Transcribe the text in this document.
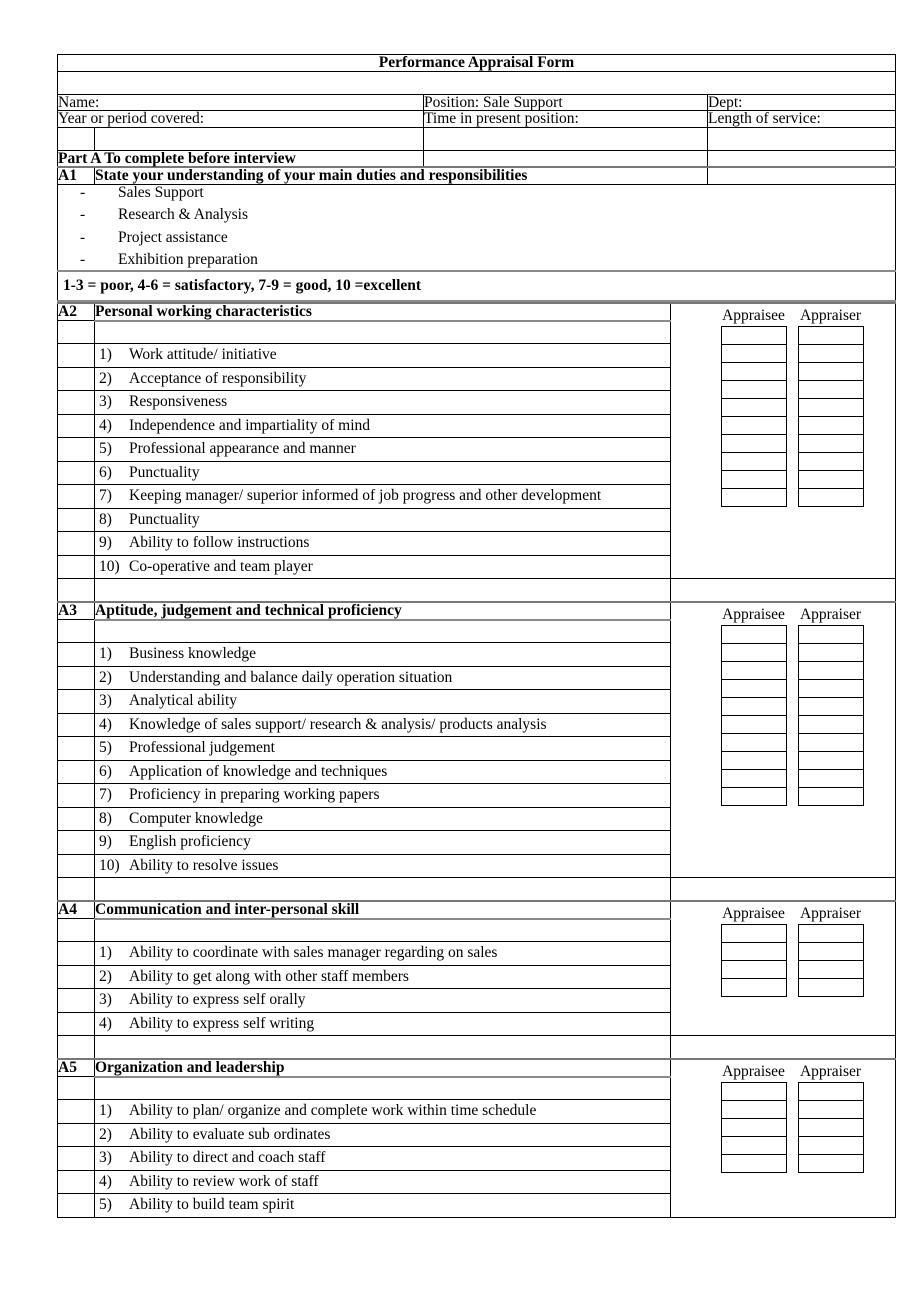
Performance Appraisal Form			

Name:		Position: Sale Support	Dept:
Year or period covered:		Time in present position:	Length of service:

Part A To complete before interview			
A1	State your understanding of your main duties and responsibilities		

-	Sales Support
-	Research & Analysis
-	Project assistance
-	Exhibition preparation

1-3 = poor, 4-6 = satisfactory, 7-9 = good, 10 =excellent			
A2	Personal working characteristics		Appraisee		Appraiser	

	1) Work attitude/ initiative					

	2) Acceptance of responsibility					

	3) Responsiveness					

	4) Independence and impartiality of mind					

	5) Professional appearance and manner					

	6) Punctuality					

	7) Keeping manager/ superior informed of job progress and other development					

	8) Punctuality					

	9) Ability to follow instructions					

	10) Co-operative and team player					

A3	Aptitude, judgement and technical proficiency		Appraisee		Appraiser	

	1) Business knowledge					

	2) Understanding and balance daily operation situation					

	3) Analytical ability					

	4) Knowledge of sales support/ research & analysis/ products analysis					

	5) Professional judgement					

	6) Application of knowledge and techniques					

	7) Proficiency in preparing working papers					

	8) Computer knowledge					

	9) English proficiency					

	10) Ability to resolve issues					

A4	Communication and inter-personal skill		Appraisee		Appraiser	

	1) Ability to coordinate with sales manager regarding on sales					

	2) Ability to get along with other staff members					

	3) Ability to express self orally					

	4) Ability to express self writing					

A5	Organization and leadership		Appraisee		Appraiser	

	1) Ability to plan/ organize and complete work within time schedule					

	2) Ability to evaluate sub ordinates					

	3) Ability to direct and coach staff					

	4) Ability to review work of staff					

	5) Ability to build team spirit					
